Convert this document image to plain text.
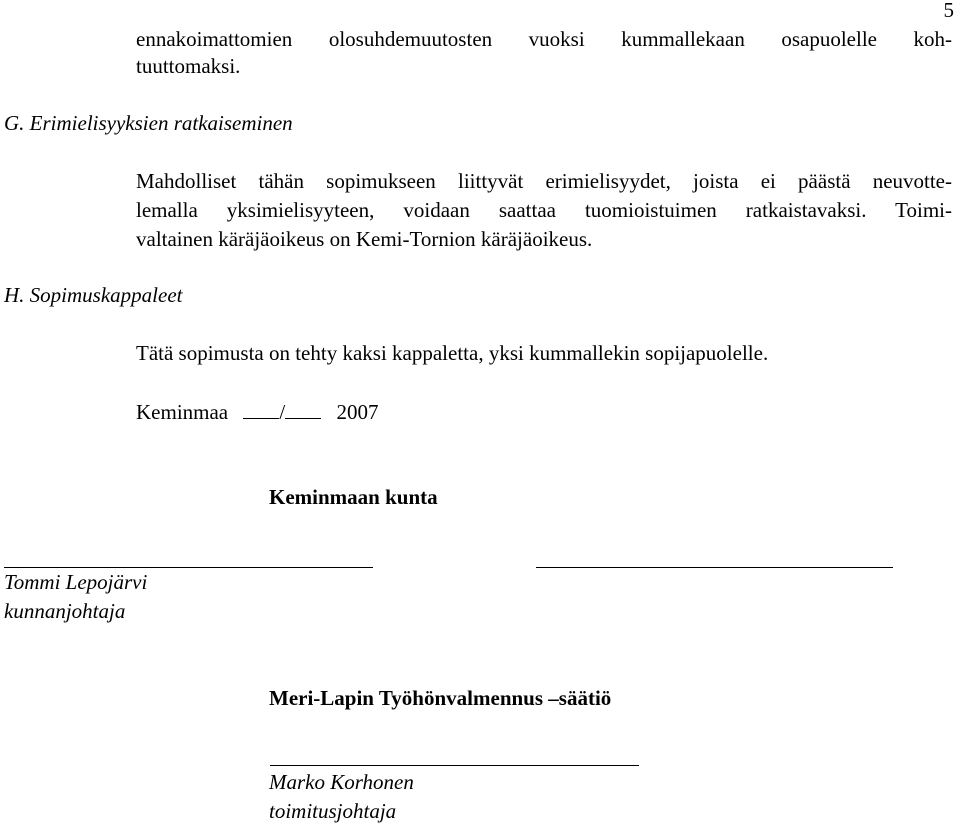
5
ennakoimattomien olosuhdemuutosten vuoksi kummallekaan osapuolelle koh-
tuuttomaksi.
G. Erimielisyyksien ratkaiseminen
Mahdolliset tähän sopimukseen liittyvät erimielisyydet, joista ei päästä neuvotte-
lemalla yksimielisyyteen, voidaan saattaa tuomioistuimen ratkaistavaksi. Toimi-
valtainen käräjäoikeus on Kemi-Tornion käräjäoikeus.
H. Sopimuskappaleet
Tätä sopimusta on tehty kaksi kappaletta, yksi kummallekin sopijapuolelle.
Keminmaa / 2007
Keminmaan kunta
Tommi Lepojärvi
kunnanjohtaja
Meri-Lapin Työhönvalmennus –säätiö
Marko Korhonen
toimitusjohtaja
